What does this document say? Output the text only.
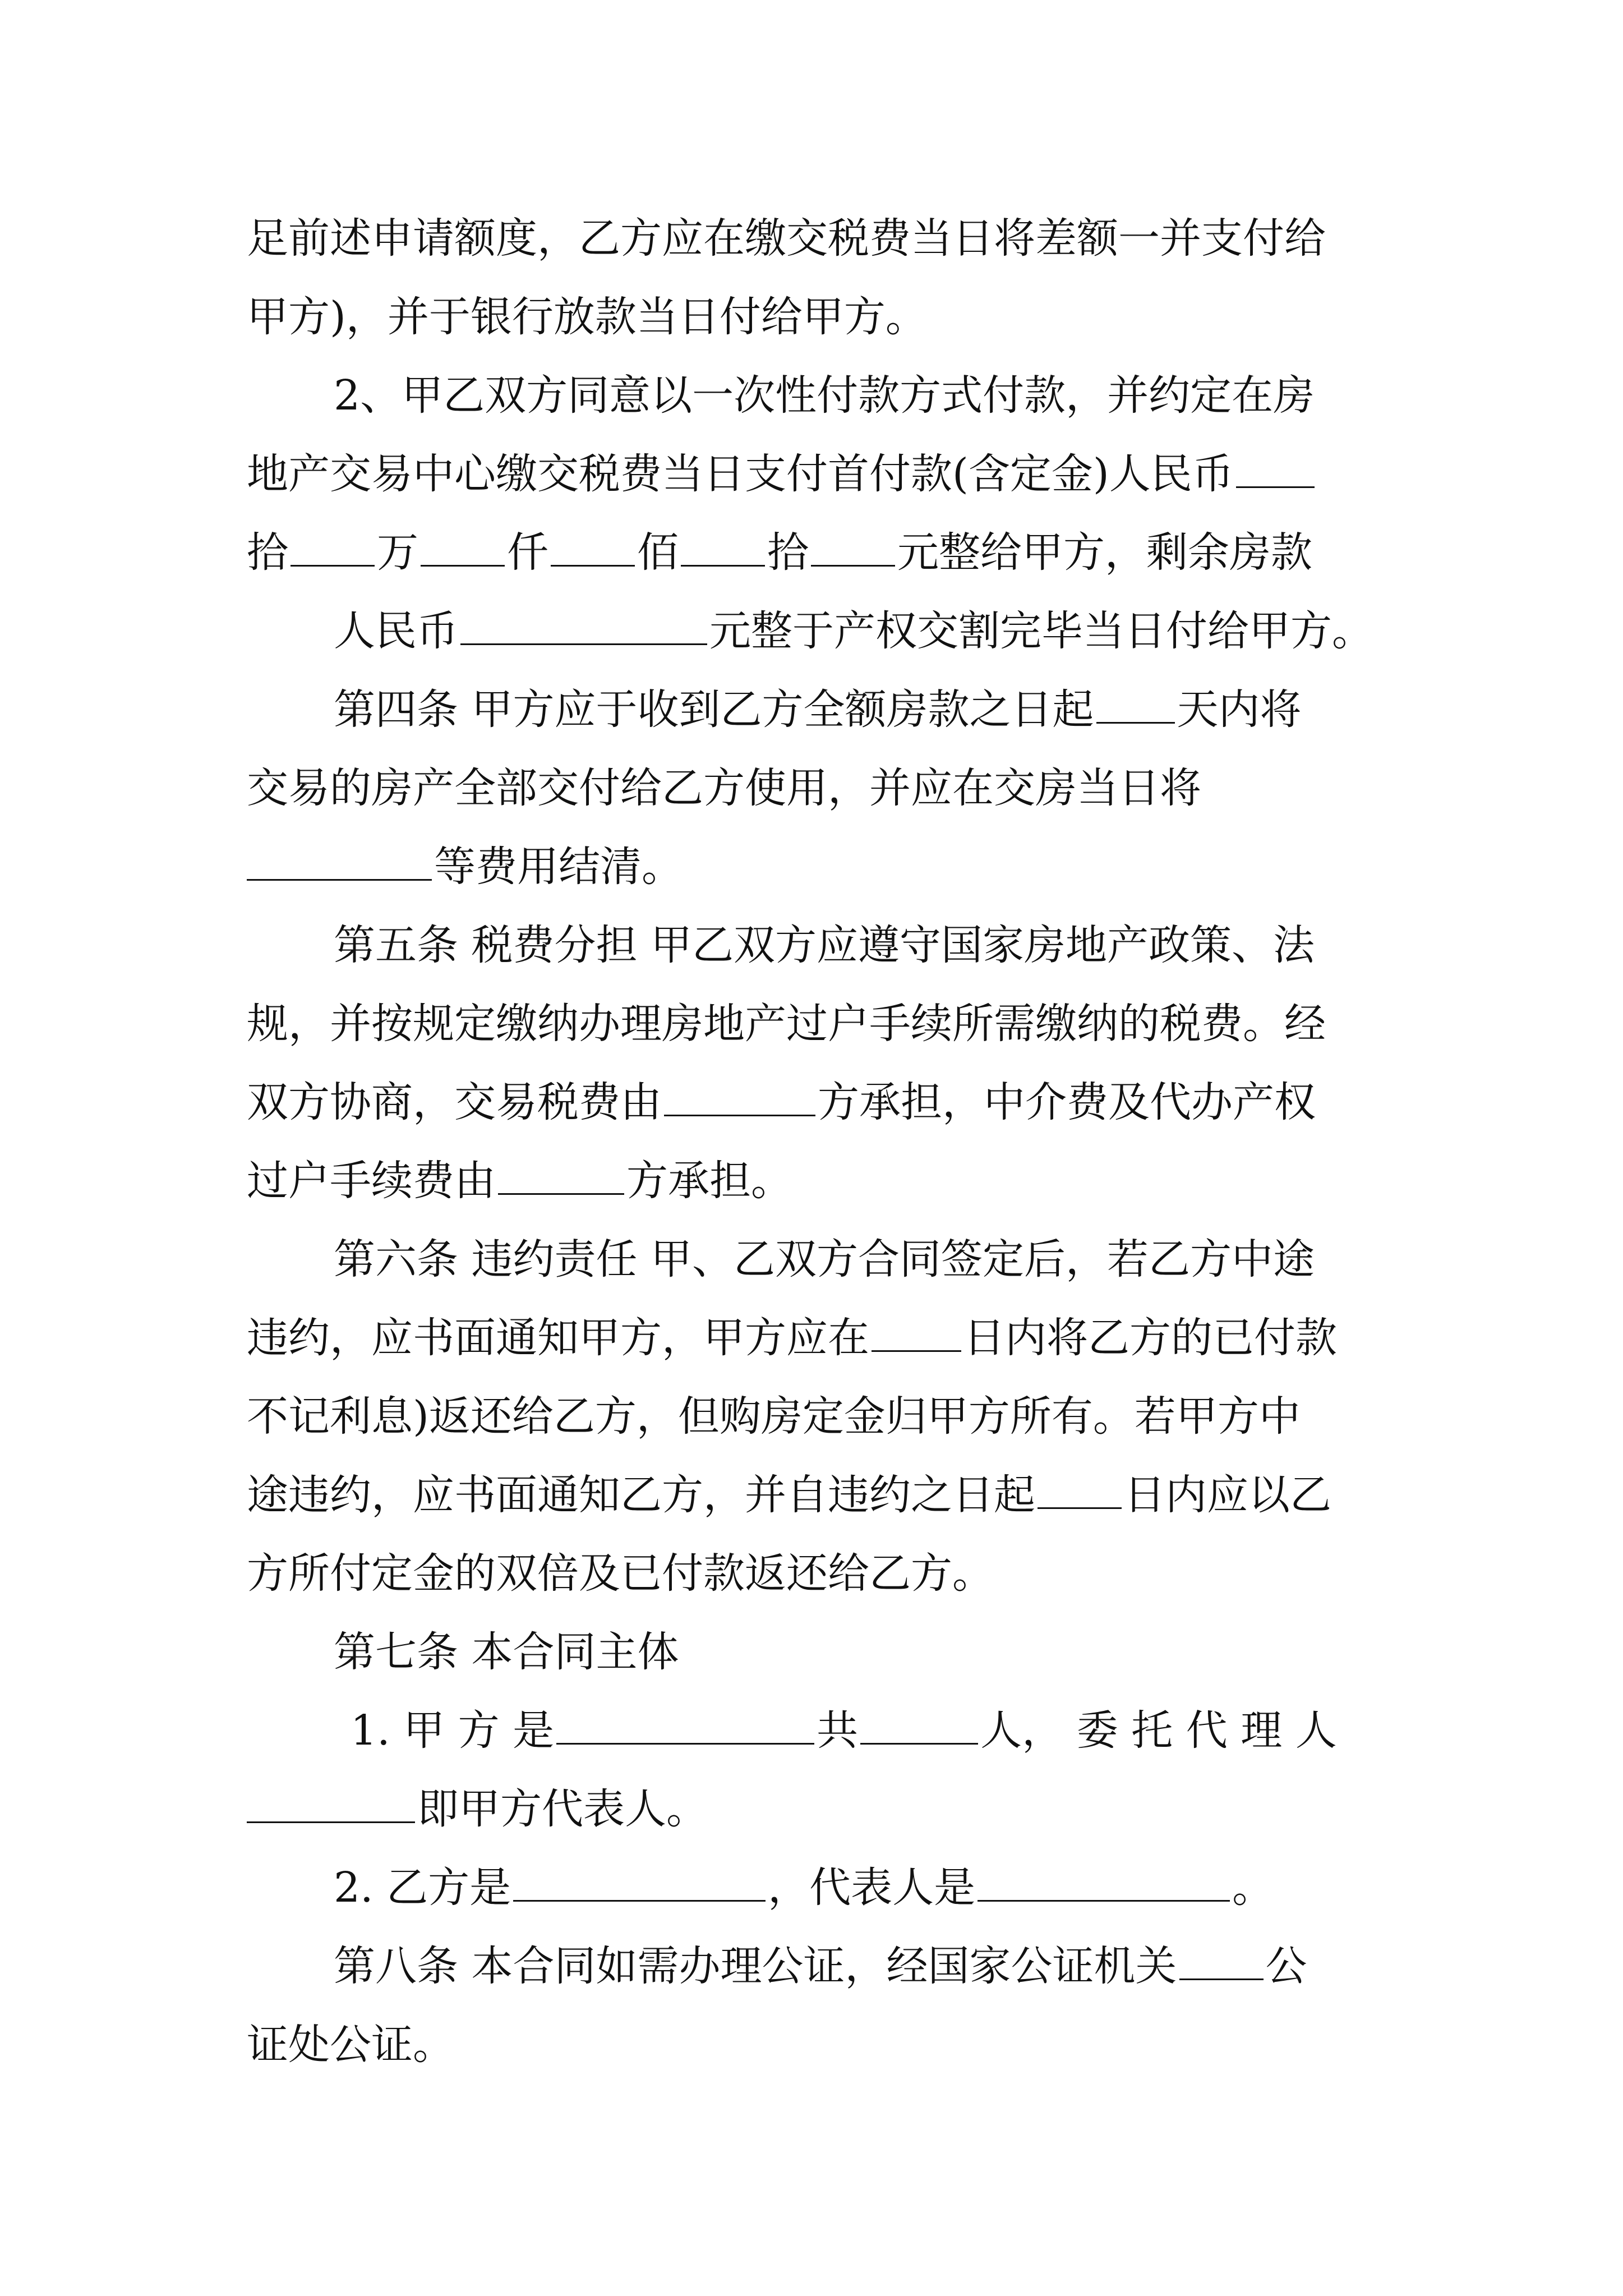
足前述申请额度，乙方应在缴交税费当日将差额一并支付给
甲方)，并于银行放款当日付给甲方。
2、甲乙双方同意以一次性付款方式付款，并约定在房
地产交易中心缴交税费当日支付首付款(含定金)人民币
拾 万 仟 佰 拾 元整给甲方，剩余房款
人民币	元整于产权交割完毕当日付给甲方。
第四条 甲方应于收到乙方全额房款之日起 天内将
交易的房产全部交付给乙方使用，并应在交房当日将
等费用结清。
第五条 税费分担 甲乙双方应遵守国家房地产政策、法
规，并按规定缴纳办理房地产过户手续所需缴纳的税费。经
双方协商，交易税费由	方承担，中介费及代办产权
过户手续费由	方承担。
第六条 违约责任 甲、乙双方合同签定后，若乙方中途
违约，应书面通知甲方，甲方应在 日内将乙方的已付款
不记利息)返还给乙方，但购房定金归甲方所有。若甲方中
途违约，应书面通知乙方，并自违约之日起 日内应以乙
方所付定金的双倍及已付款返还给乙方。
第七条 本合同主体
1. 甲 方 是	共	人， 委 托 代 理 人
即甲方代表人。
2. 乙方是	，代表人是	。
第八条 本合同如需办理公证，经国家公证机关 公
证处公证。
